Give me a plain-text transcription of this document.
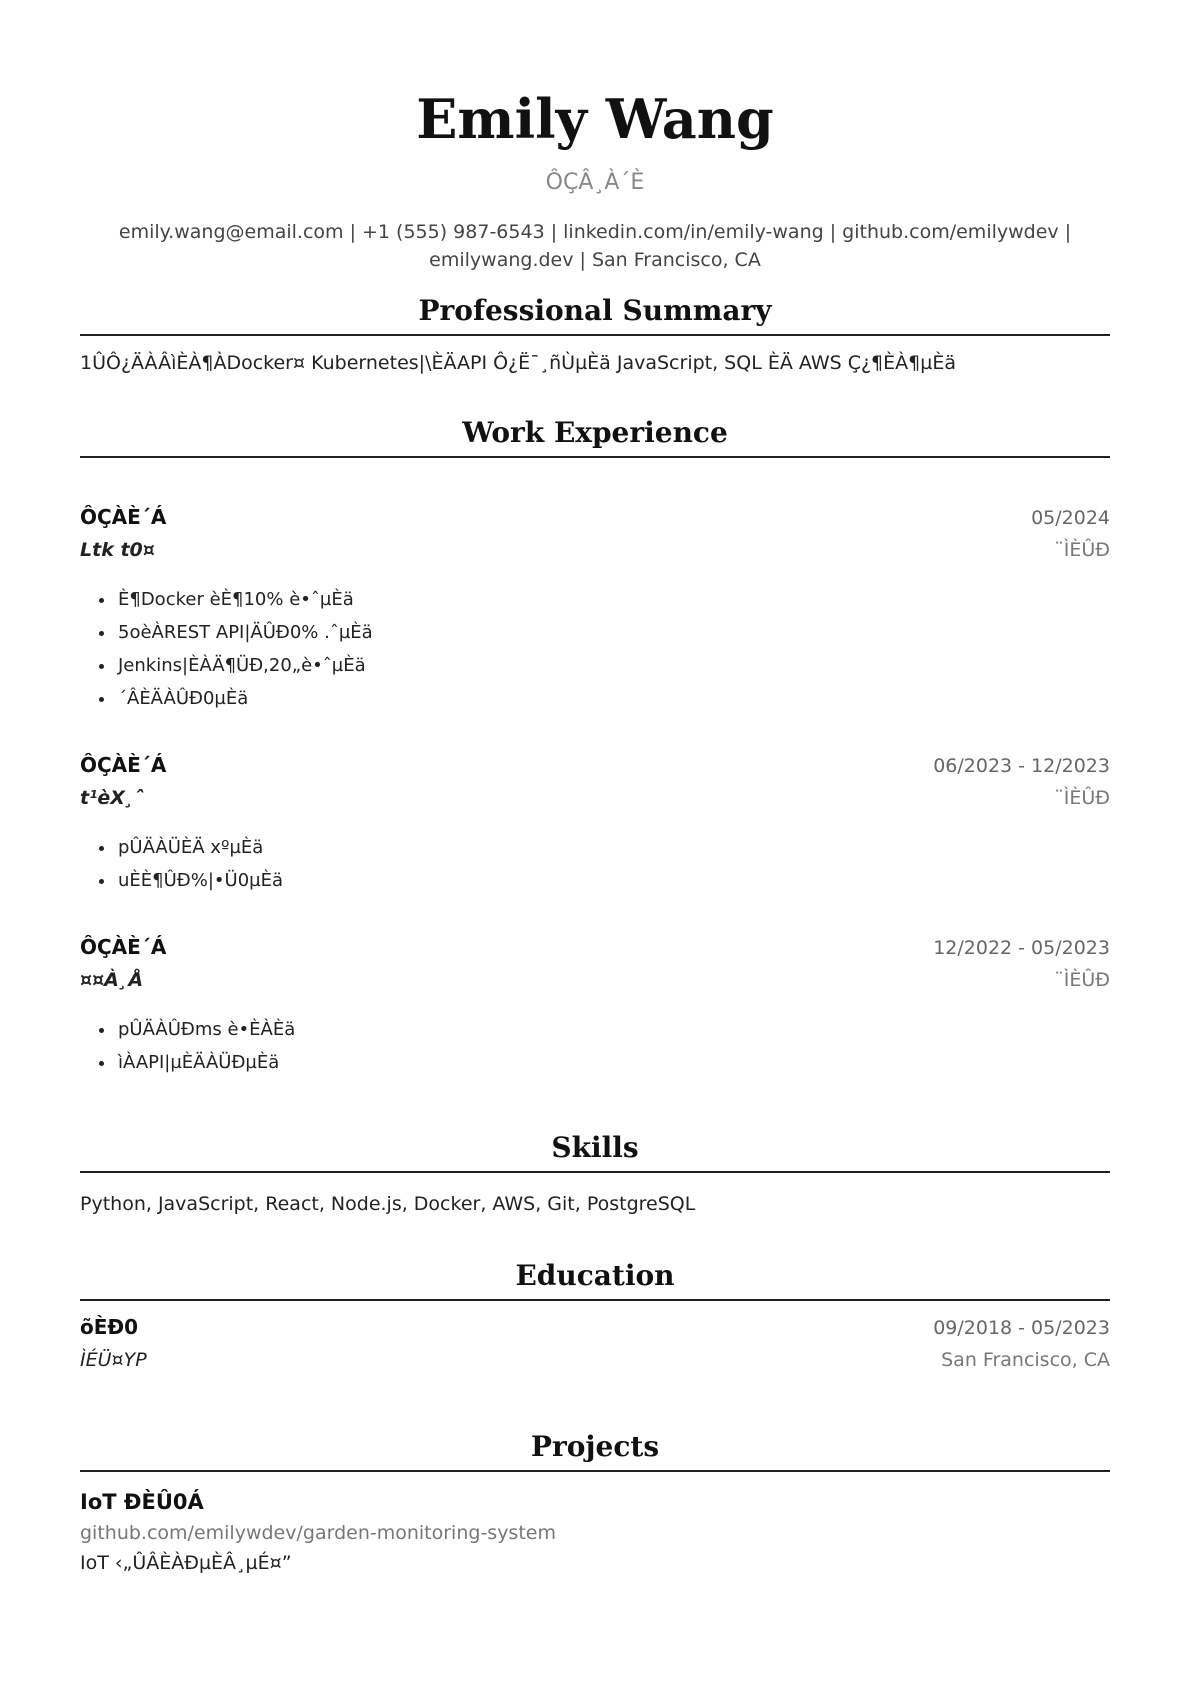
Emily Wang
ÔÇÂ¸À´È
emily.wang@email.com | +1 (555) 987-6543 | linkedin.com/in/emily-wang | github.com/emilywdev | emilywang.dev | San Francisco, CA
Professional Summary
1ÛÔ¿ÄÀÂìÈÀ¶ÀDocker¤ Kubernetes|\ÈÄAPI Ô¿Ë¯¸ñÙµÈä JavaScript, SQL ÈÄ AWS Ç¿¶ÈÀ¶µÈä
Work Experience
ÔÇÀÈ´Á	05/2024
Ltk t0¤	¨ÌÈÛÐ
• È¶Docker èÈ¶10% è•ˆµÈä
• 5oèÀREST API|ÄÛÐ0% .ˆµÈä
• Jenkins|ÈÀÄ¶ÜÐ,20„è•ˆµÈä
• ´ÂÈÄÀÛÐ0µÈä
ÔÇÀÈ´Á	06/2023 - 12/2023
t¹èX¸ˆ	¨ÌÈÛÐ
• pÛÄÀÜÈÄ xºµÈä
• uÈÈ¶ÛÐ%|•Ü0µÈä
ÔÇÀÈ´Á	12/2022 - 05/2023
¤¤À¸Å	¨ÌÈÛÐ
• pÛÄÀÛÐms è•ÈÀÈä
• ìÀAPI|µÈÄÀÜÐµÈä
Skills
Python, JavaScript, React, Node.js, Docker, AWS, Git, PostgreSQL
Education
õÈÐ0	09/2018 - 05/2023
ÌÉÜ¤YP	San Francisco, CA
Projects
IoT ÐÈÛ0Á
github.com/emilywdev/garden-monitoring-system
IoT ‹„ÛÂÈÀÐµÈÂ¸µÉ¤”
